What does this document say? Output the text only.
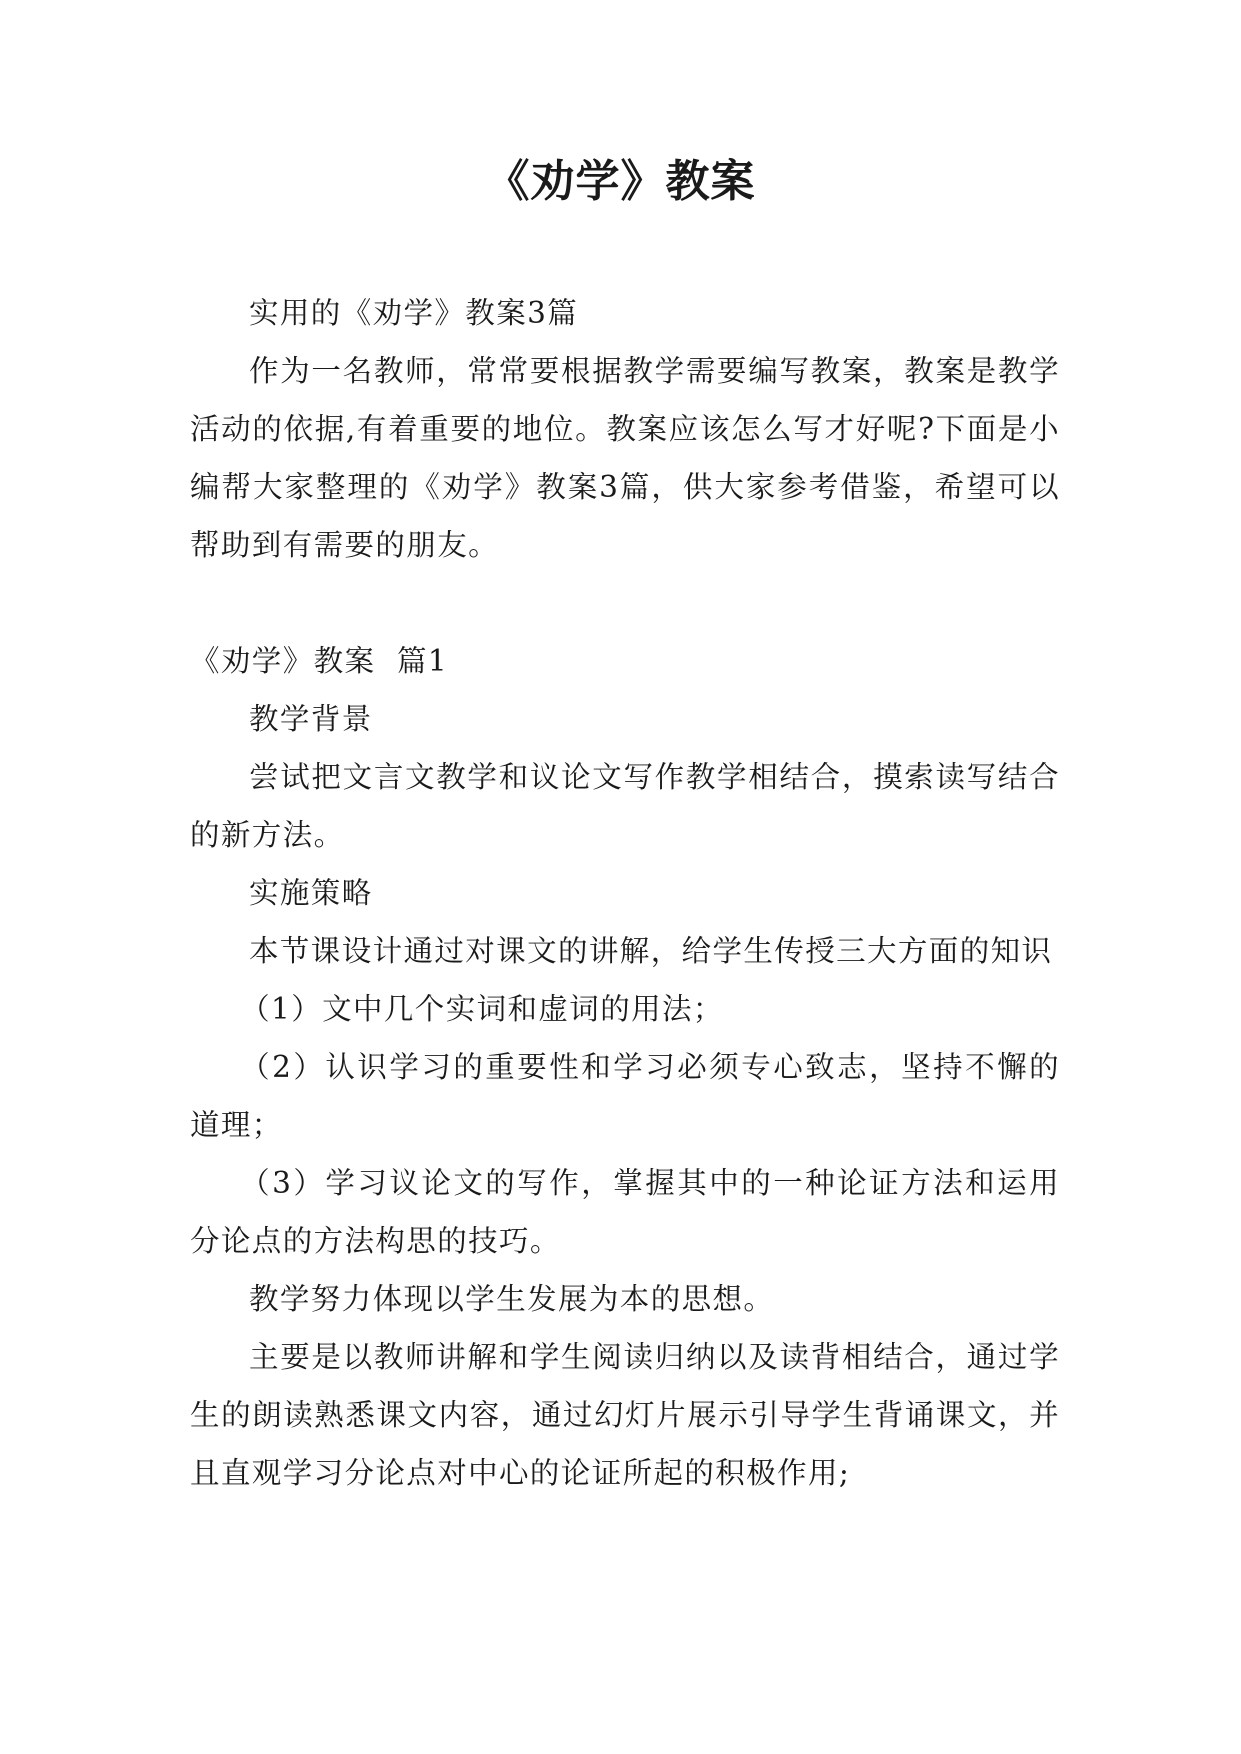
《劝学》教案

实用的《劝学》教案3篇

作为一名教师，常常要根据教学需要编写教案，教案是教学活动的依据,有着重要的地位。教案应该怎么写才好呢?下面是小编帮大家整理的《劝学》教案3篇，供大家参考借鉴，希望可以帮助到有需要的朋友。

《劝学》教案  篇1

教学背景

尝试把文言文教学和议论文写作教学相结合，摸索读写结合的新方法。

实施策略

本节课设计通过对课文的讲解，给学生传授三大方面的知识

（1）文中几个实词和虚词的用法；

（2）认识学习的重要性和学习必须专心致志，坚持不懈的道理；

（3）学习议论文的写作，掌握其中的一种论证方法和运用分论点的方法构思的技巧。

教学努力体现以学生发展为本的思想。

主要是以教师讲解和学生阅读归纳以及读背相结合，通过学生的朗读熟悉课文内容，通过幻灯片展示引导学生背诵课文，并且直观学习分论点对中心的论证所起的积极作用;
